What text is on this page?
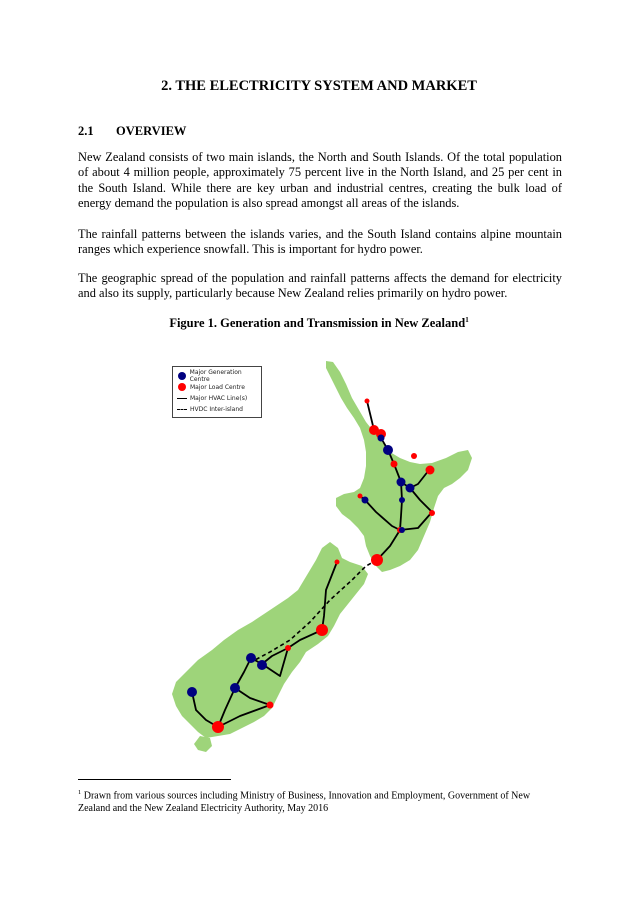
2. THE ELECTRICITY SYSTEM AND MARKET
2.1 OVERVIEW

New Zealand consists of two main islands, the North and South Islands. Of the total population of about 4 million people, approximately 75 percent live in the North Island, and 25 per cent in the South Island. While there are key urban and industrial centres, creating the bulk load of energy demand the population is also spread amongst all areas of the islands.

The rainfall patterns between the islands varies, and the South Island contains alpine mountain ranges which experience snowfall. This is important for hydro power.

The geographic spread of the population and rainfall patterns affects the demand for electricity and also its supply, particularly because New Zealand relies primarily on hydro power.

Figure 1. Generation and Transmission in New Zealand$^1$
Major Generation Centre
Major Load Centre
Major HVAC Line(s)
HVDC Inter-island

$^1$ Drawn from various sources including Ministry of Business, Innovation and Employment, Government of New Zealand and the New Zealand Electricity Authority, May 2016
